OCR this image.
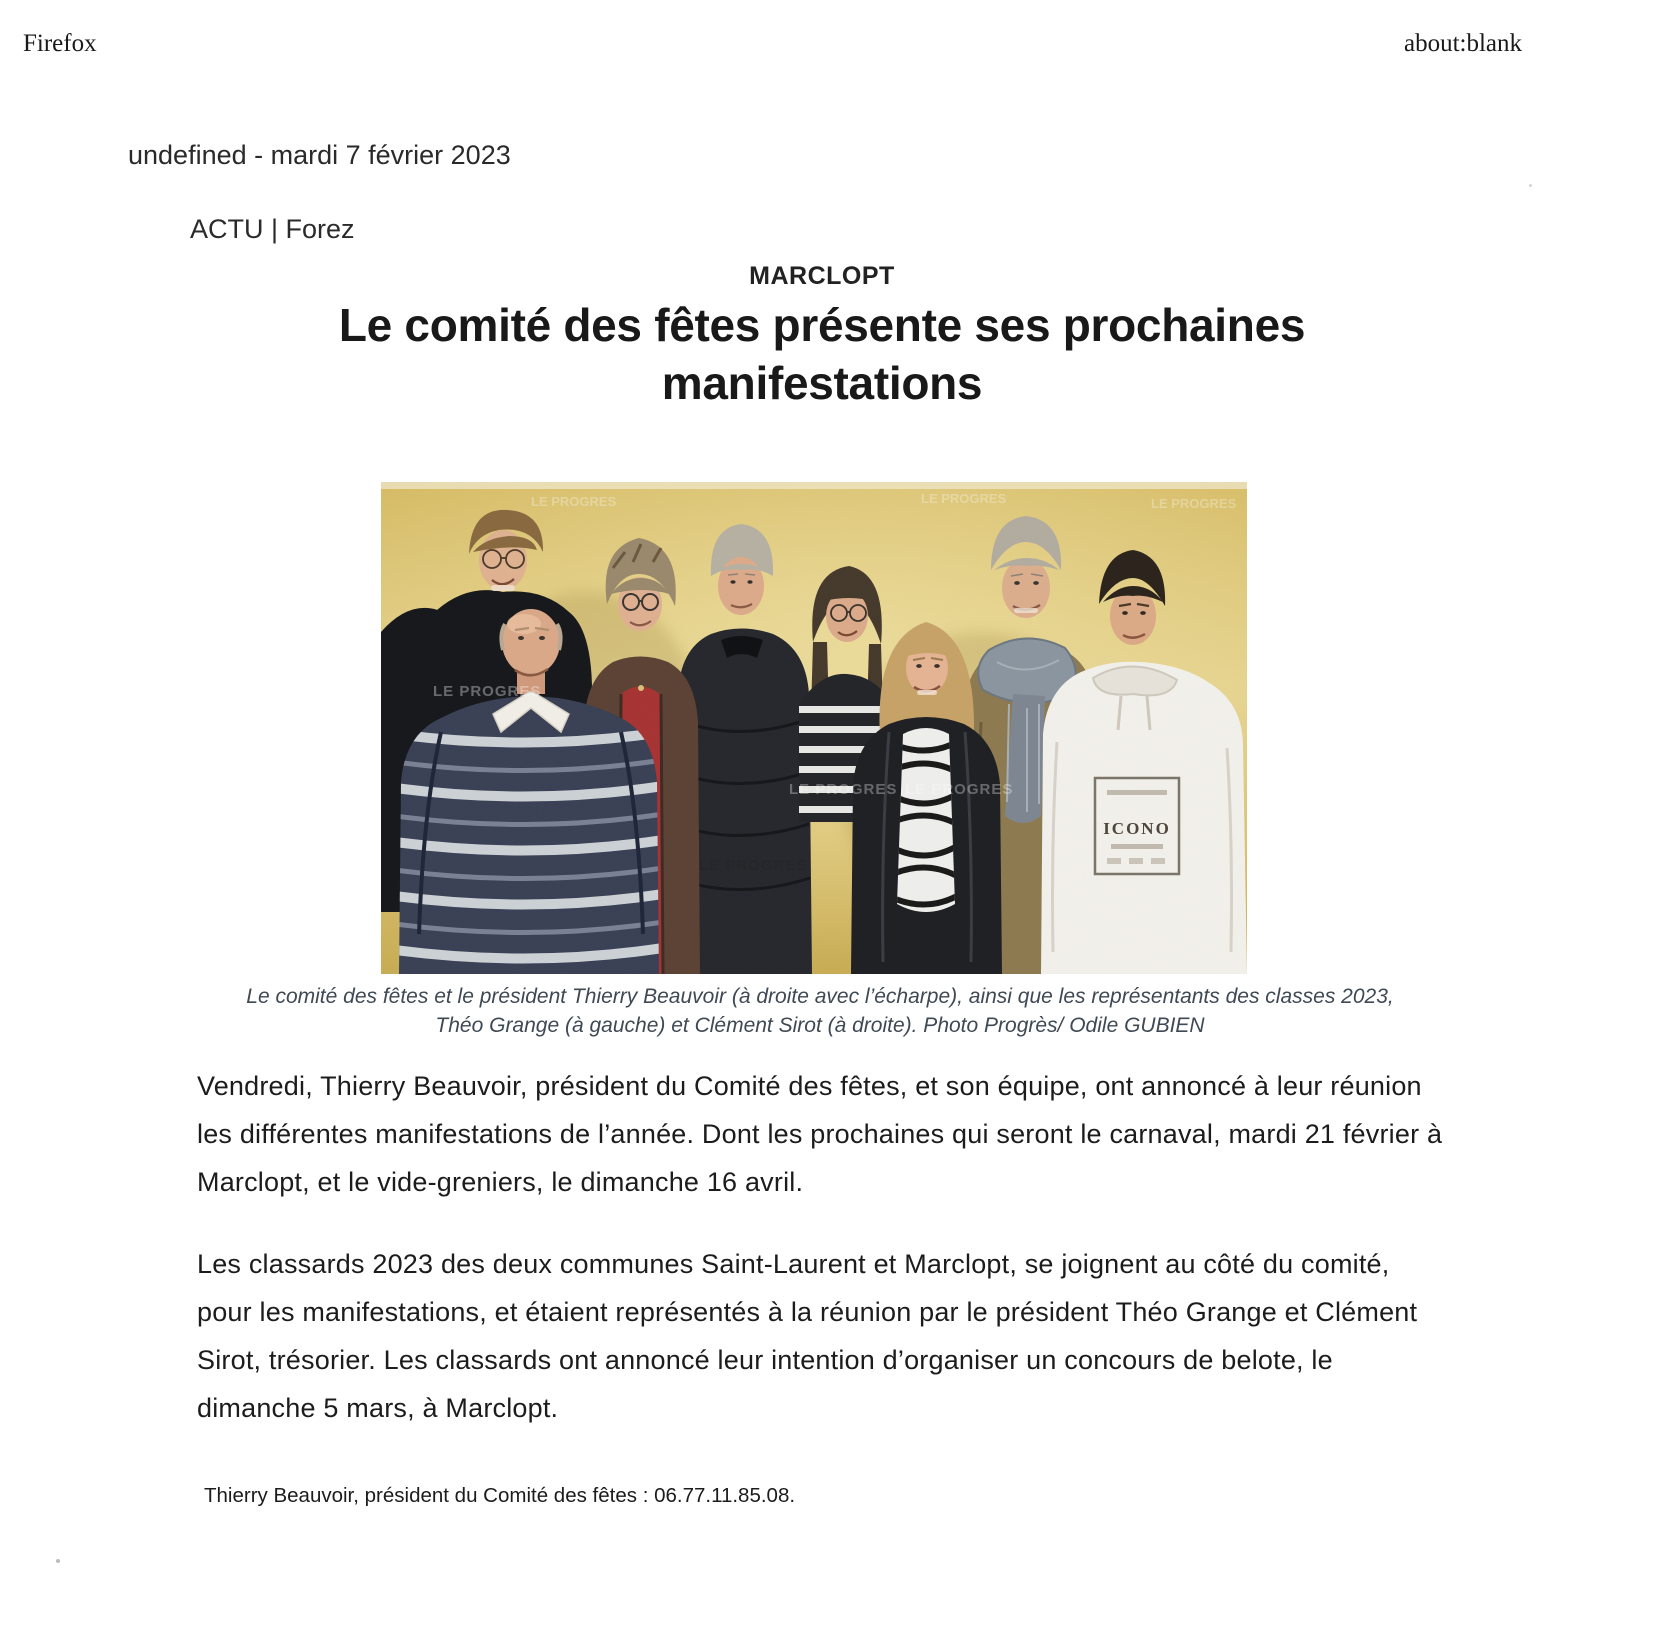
Firefox	about:blank
undefined - mardi 7 février 2023
ACTU | Forez
MARCLOPT
Le comité des fêtes présente ses prochaines manifestations
Le comité des fêtes et le président Thierry Beauvoir (à droite avec l’écharpe), ainsi que les représentants des classes 2023,
Théo Grange (à gauche) et Clément Sirot (à droite). Photo Progrès/ Odile GUBIEN

Vendredi, Thierry Beauvoir, président du Comité des fêtes, et son équipe, ont annoncé à leur réunion les différentes manifestations de l’année. Dont les prochaines qui seront le carnaval, mardi 21 février à Marclopt, et le vide-greniers, le dimanche 16 avril.

Les classards 2023 des deux communes Saint-Laurent et Marclopt, se joignent au côté du comité, pour les manifestations, et étaient représentés à la réunion par le président Théo Grange et Clément Sirot, trésorier. Les classards ont annoncé leur intention d’organiser un concours de belote, le dimanche 5 mars, à Marclopt.

Thierry Beauvoir, président du Comité des fêtes : 06.77.11.85.08.
